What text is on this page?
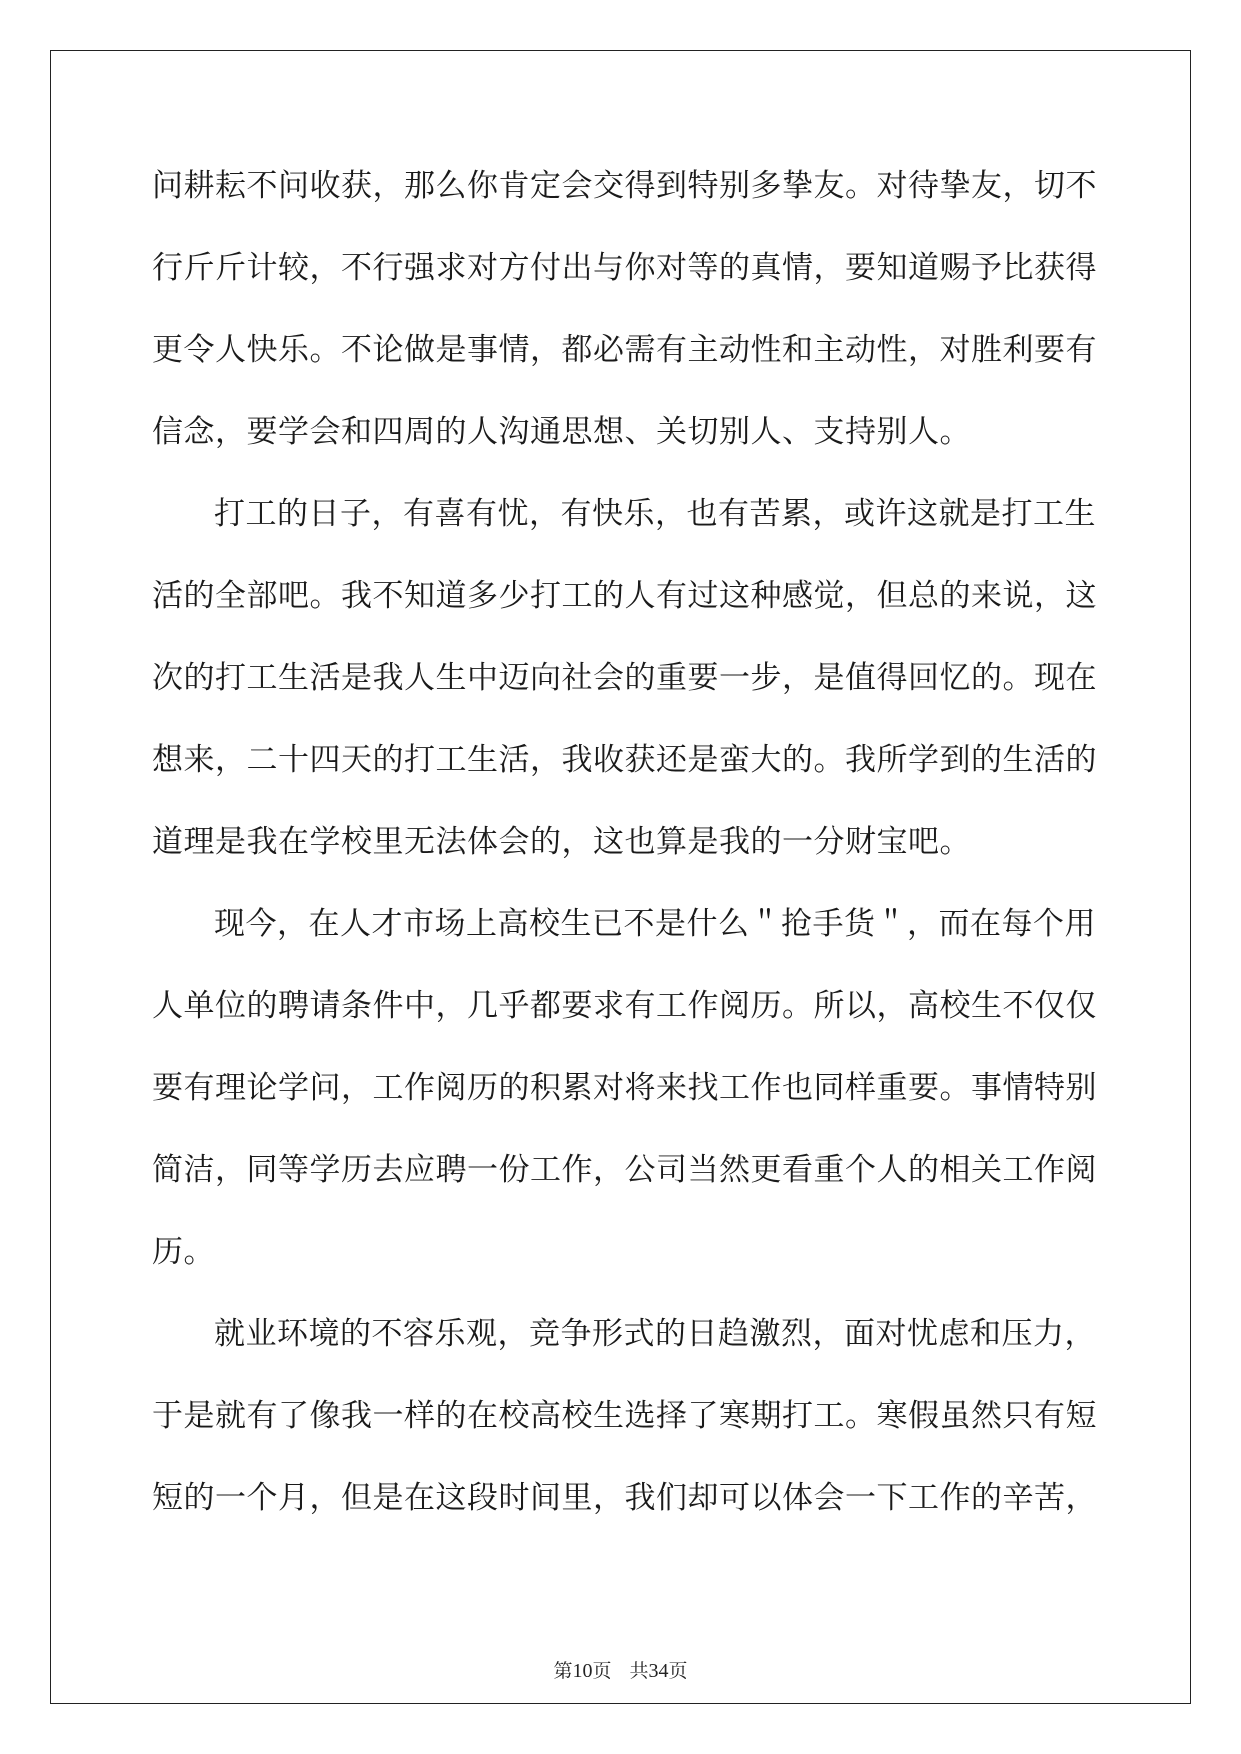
问耕耘不问收获，那么你肯定会交得到特别多挚友。对待挚友，切不
行斤斤计较，不行强求对方付出与你对等的真情，要知道赐予比获得
更令人快乐。不论做是事情，都必需有主动性和主动性，对胜利要有
信念，要学会和四周的人沟通思想、关切别人、支持别人。
打工的日子，有喜有忧，有快乐，也有苦累，或许这就是打工生
活的全部吧。我不知道多少打工的人有过这种感觉，但总的来说，这
次的打工生活是我人生中迈向社会的重要一步，是值得回忆的。现在
想来，二十四天的打工生活，我收获还是蛮大的。我所学到的生活的
道理是我在学校里无法体会的，这也算是我的一分财宝吧。
现今，在人才市场上高校生已不是什么＂抢手货＂，而在每个用
人单位的聘请条件中，几乎都要求有工作阅历。所以，高校生不仅仅
要有理论学问，工作阅历的积累对将来找工作也同样重要。事情特别
简洁，同等学历去应聘一份工作，公司当然更看重个人的相关工作阅
历。
就业环境的不容乐观，竞争形式的日趋激烈，面对忧虑和压力，
于是就有了像我一样的在校高校生选择了寒期打工。寒假虽然只有短
短的一个月，但是在这段时间里，我们却可以体会一下工作的辛苦，
第10页 共34页
